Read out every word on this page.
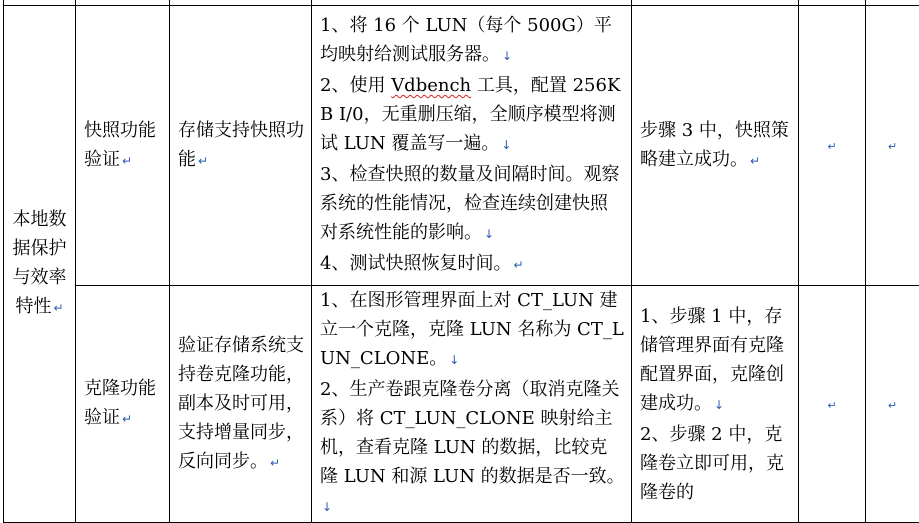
本地数据保护与效率特性 ↵	快照功能验证 ↵	存储支持快照功能 ↵	1、将 16 个 LUN（每个 500G）平均映射给测试服务器。 ↓
2、使用 Vdbench 工具，配置 256KB I/0，无重删压缩，全顺序模型将测试 LUN 覆盖写一遍。 ↓
3、检查快照的数量及间隔时间。观察系统的性能情况，检查连续创建快照对系统性能的影响。 ↓
4、测试快照恢复时间。 ↵	步骤 3 中，快照策略建立成功。 ↵	↵	↵

	克隆功能验证 ↵	验证存储系统支持卷克隆功能，副本及时可用，支持增量同步，反向同步。 ↵	1、在图形管理界面上对 CT_LUN 建立一个克隆，克隆 LUN 名称为 CT_LUN_CLONE。 ↓
2、生产卷跟克隆卷分离（取消克隆关系）将 CT_LUN_CLONE 映射给主机，查看克隆 LUN 的数据，比较克隆 LUN 和源 LUN 的数据是否一致。↓	1、步骤 1 中，存储管理界面有克隆配置界面，克隆创建成功。 ↓
2、步骤 2 中，克隆卷立即可用，克隆卷的	↵	↵
